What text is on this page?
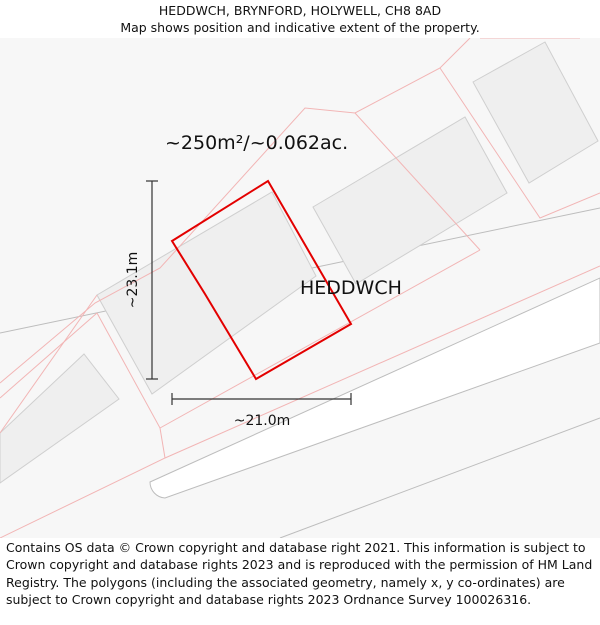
HEDDWCH, BRYNFORD, HOLYWELL, CH8 8AD
Map shows position and indicative extent of the property.
~250m²/~0.062ac.
HEDDWCH
~23.1m
~21.0m
Contains OS data © Crown copyright and database right 2021. This information is subject to Crown copyright and database rights 2023 and is reproduced with the permission of HM Land Registry. The polygons (including the associated geometry, namely x, y co-ordinates) are subject to Crown copyright and database rights 2023 Ordnance Survey 100026316.
